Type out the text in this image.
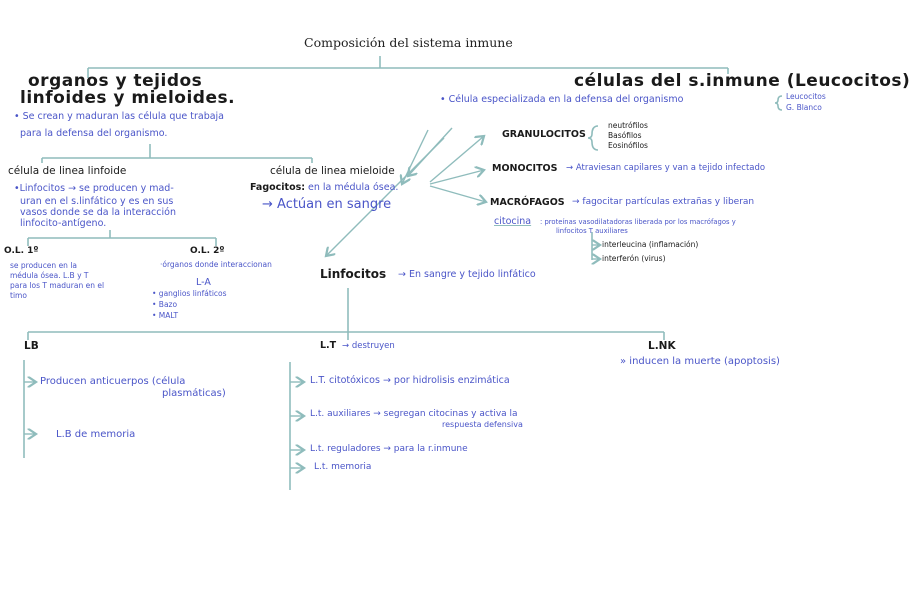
Composición del sistema inmune
organos y tejidos
linfoides y mieloides.
• Se crean y maduran las célula que trabaja
para la defensa del organismo.
células del s.inmune (Leucocitos)
• Célula especializada en la defensa del organismo	Leucocitos
G. Blanco
célula de linea linfoide
•Linfocitos → se producen y mad-
uran en el s.linfático y es en sus
vasos donde se da la interacción
linfocito-antígeno.
O.L. 1º
se producen en la
médula ósea. L.B y T
para los T maduran en el
timo
O.L. 2º
·órganos donde interaccionan
L-A
• ganglios linfáticos
• Bazo
• MALT
célula de linea mieloide
Fagocitos: en la médula ósea.
→ Actúan en sangre
GRANULOCITOS
neutrófilos
Basófilos
Eosinófilos
MONOCITOS → Atraviesan capilares y van a tejido infectado
MACRÓFAGOS → fagocitar partículas extrañas y liberan
citocina : proteínas vasodilatadoras liberada por los macrófagos y
linfocitos T auxiliares
interleucina (inflamación)
interferón (virus)
Linfocitos → En sangre y tejido linfático
LB
Producen anticuerpos (célula
plasmáticas)
L.B de memoria
L.T → destruyen
L.T. citotóxicos → por hidrolisis enzimática
L.t. auxiliares → segregan citocinas y activa la
respuesta defensiva
L.t. reguladores → para la r.inmune
L.t. memoria
L.NK
» inducen la muerte (apoptosis)
